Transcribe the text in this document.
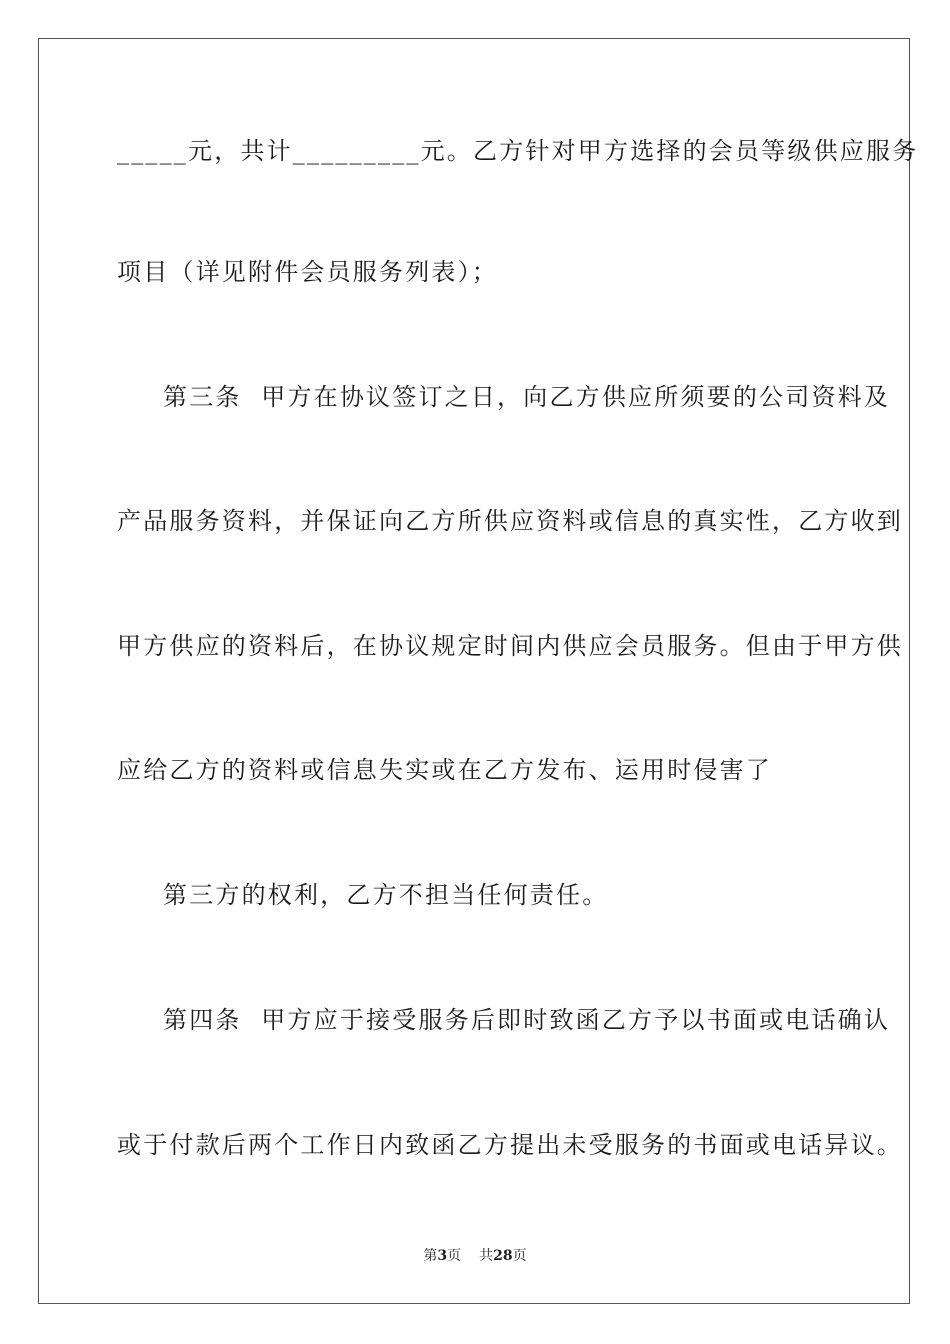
_____元，共计_________元。乙方针对甲方选择的会员等级供应服务
项目（详见附件会员服务列表）；
第三条  甲方在协议签订之日，向乙方供应所须要的公司资料及
产品服务资料，并保证向乙方所供应资料或信息的真实性，乙方收到
甲方供应的资料后，在协议规定时间内供应会员服务。但由于甲方供
应给乙方的资料或信息失实或在乙方发布、运用时侵害了
第三方的权利，乙方不担当任何责任。
第四条  甲方应于接受服务后即时致函乙方予以书面或电话确认
或于付款后两个工作日内致函乙方提出未受服务的书面或电话异议。
第3页 共28页
